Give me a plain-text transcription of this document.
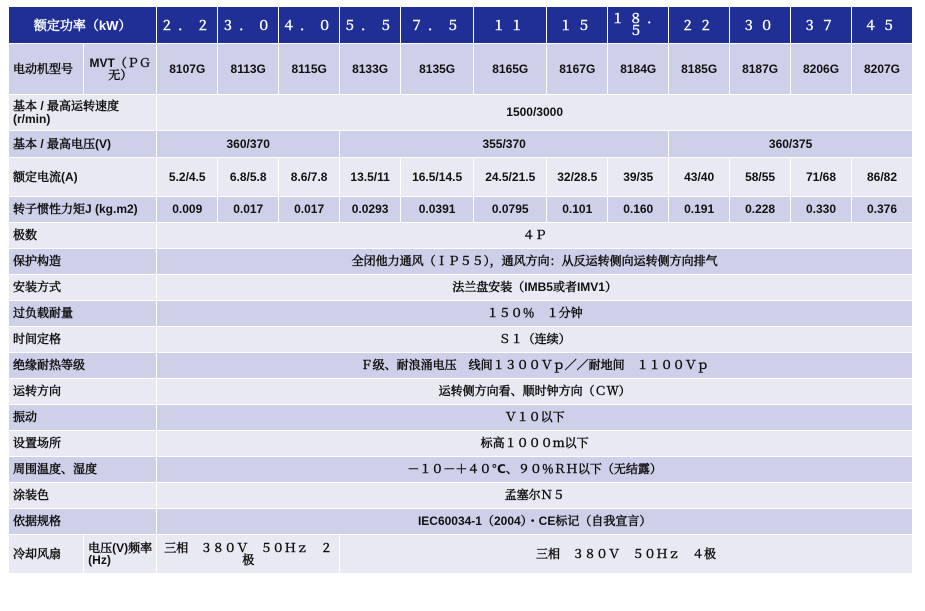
额定功率（kW）		２．２	３．０	４．０	５．５	７．５	１１	１５	１８．５	２２	３０	３７	４５
电动机型号	MVT（ＰＧ无）	8107G	8113G	8115G	8133G	8135G	8165G	8167G	8184G	8185G	8187G	8206G	8207G
基本 / 最高运转速度(r/min)		1500/3000											
基本 / 最高电压(V)		360/370			355/370					360/375			
额定电流(A)		5.2/4.5	6.8/5.8	8.6/7.8	13.5/11	16.5/14.5	24.5/21.5	32/28.5	39/35	43/40	58/55	71/68	86/82
转子惯性力矩J (kg.m2)		0.009	0.017	0.017	0.0293	0.0391	0.0795	0.101	0.160	0.191	0.228	0.330	0.376
极数		４Ｐ											
保护构造		全闭他力通风（ＩＰ５５），通风方向：从反运转侧向运转侧方向排气											
安装方式		法兰盘安装（IMB5或者IMV1）											
过负载耐量		１５０％　１分钟											
时间定格		Ｓ１（连续）											
绝缘耐热等级		Ｆ级、耐浪涌电压　线间１３００Ｖｐ／／耐地间　１１００Ｖｐ											
运转方向		运转侧方向看、顺时钟方向（ＣＷ）											
振动		Ｖ１０以下											
设置场所		标高１０００ｍ以下											
周围温度、湿度		－１０－＋４０℃、９０％ＲＨ以下（无结露）											
涂装色		孟塞尔Ｎ５											
依据规格		IEC60034-1（2004）・CE标记（自我宣言）											
冷却风扇	电压(V)频率(Hz)	三相　３８０Ｖ　５０Ｈｚ　２极			三相　３８０Ｖ　５０Ｈｚ　４极								
